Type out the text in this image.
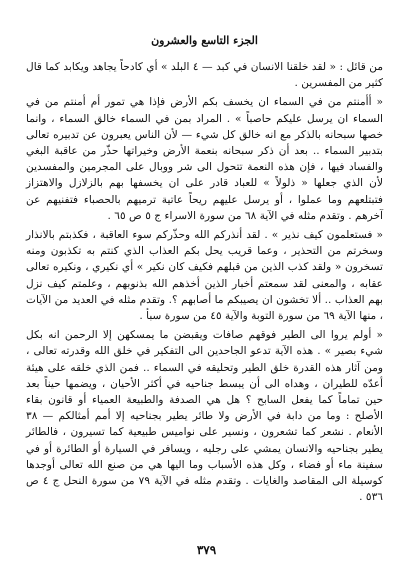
الجزء التاسع والعشرون

من قائل : « لقد خلقنا الانسان في كبد — ٤ البلد » أي كادحاً يجاهد ويكابد كما قال كثير من المفسرين .

« أأمنتم من في السماء ان يخسف بكم الأرض فإذا هي تمور أم أمنتم من في السماء ان يرسل عليكم حاصباً » . المراد بمن في السماء خالق السماء ، وانما خصها سبحانه بالذكر مع انه خالق كل شيء — لأن الناس يعبرون عن تدبيره تعالى بتدبير السماء .. بعد أن ذكر سبحانه بنعمة الأرض وخيراتها حذّر من عاقبة البغي والفساد فيها ، فإن هذه النعمة تتحول الى شر ووبال على المجرمين والمفسدين لأن الذي جعلها « ذلولاً » للعباد قادر على ان يخسفها بهم بالزلازل والاهتزاز فتبتلعهم وما عملوا ، أو يرسل عليهم ريحاً عاتية ترميهم بالحصباء فتفنيهم عن آخرهم . وتقدم مثله في الآية ٦٨ من سورة الاسراء ج ٥ ص ٦٥ .

« فستعلمون كيف نذير » . لقد أنذركم الله وحذّركم سوء العاقبة ، فكذبتم بالانذار وسخرتم من التحذير ، وعما قريب يحل بكم العذاب الذي كنتم به تكذبون ومنه تسخرون « ولقد كذب الذين من قبلهم فكيف كان نكير » أي نكيري ، ونكيره تعالى عقابه ، والمعنى لقد سمعتم أخبار الذين أخذهم الله بذنوبهم ، وعلمتم كيف نزل بهم العذاب .. ألا تخشون ان يصيبكم ما أصابهم ؟. وتقدم مثله في العديد من الآيات ، منها الآية ٦٩ من سورة التوبة والآية ٤٥ من سورة سبأ .

« أولم يروا الى الطير فوقهم صافات ويقبضن ما يمسكهن إلا الرحمن انه بكل شيء بصير » . هذه الآية تدعو الجاحدين الى التفكير في خلق الله وقدرته تعالى ، ومن آثار هذه القدرة خلق الطير وتحليقه في السماء .. فمن الذي خلقه على هيئة أعدّه للطيران ، وهداه الى أن يبسط جناحيه في أكثر الأحيان ، ويضمها حيناً بعد حين تماماً كما يفعل السابح ؟ هل هي الصدفة والطبيعة العمياء أو قانون بقاء الأصلح : وما من دابة في الأرض ولا طائر يطير بجناحيه إلا أمم أمثالكم — ٣٨ الأنعام . نشعر كما تشعرون ، ونسير على نواميس طبيعية كما تسيرون ، فالطائر يطير بجناحيه والانسان يمشي على رجليه ، ويسافر في السيارة أو الطائرة أو في سفينة ماء أو فضاء ، وكل هذه الأسباب وما اليها هي من صنع الله تعالى أوجدها كوسيلة الى المقاصد والغايات . وتقدم مثله في الآية ٧٩ من سورة النحل ج ٤ ص ٥٣٦ .

٣٧٩
